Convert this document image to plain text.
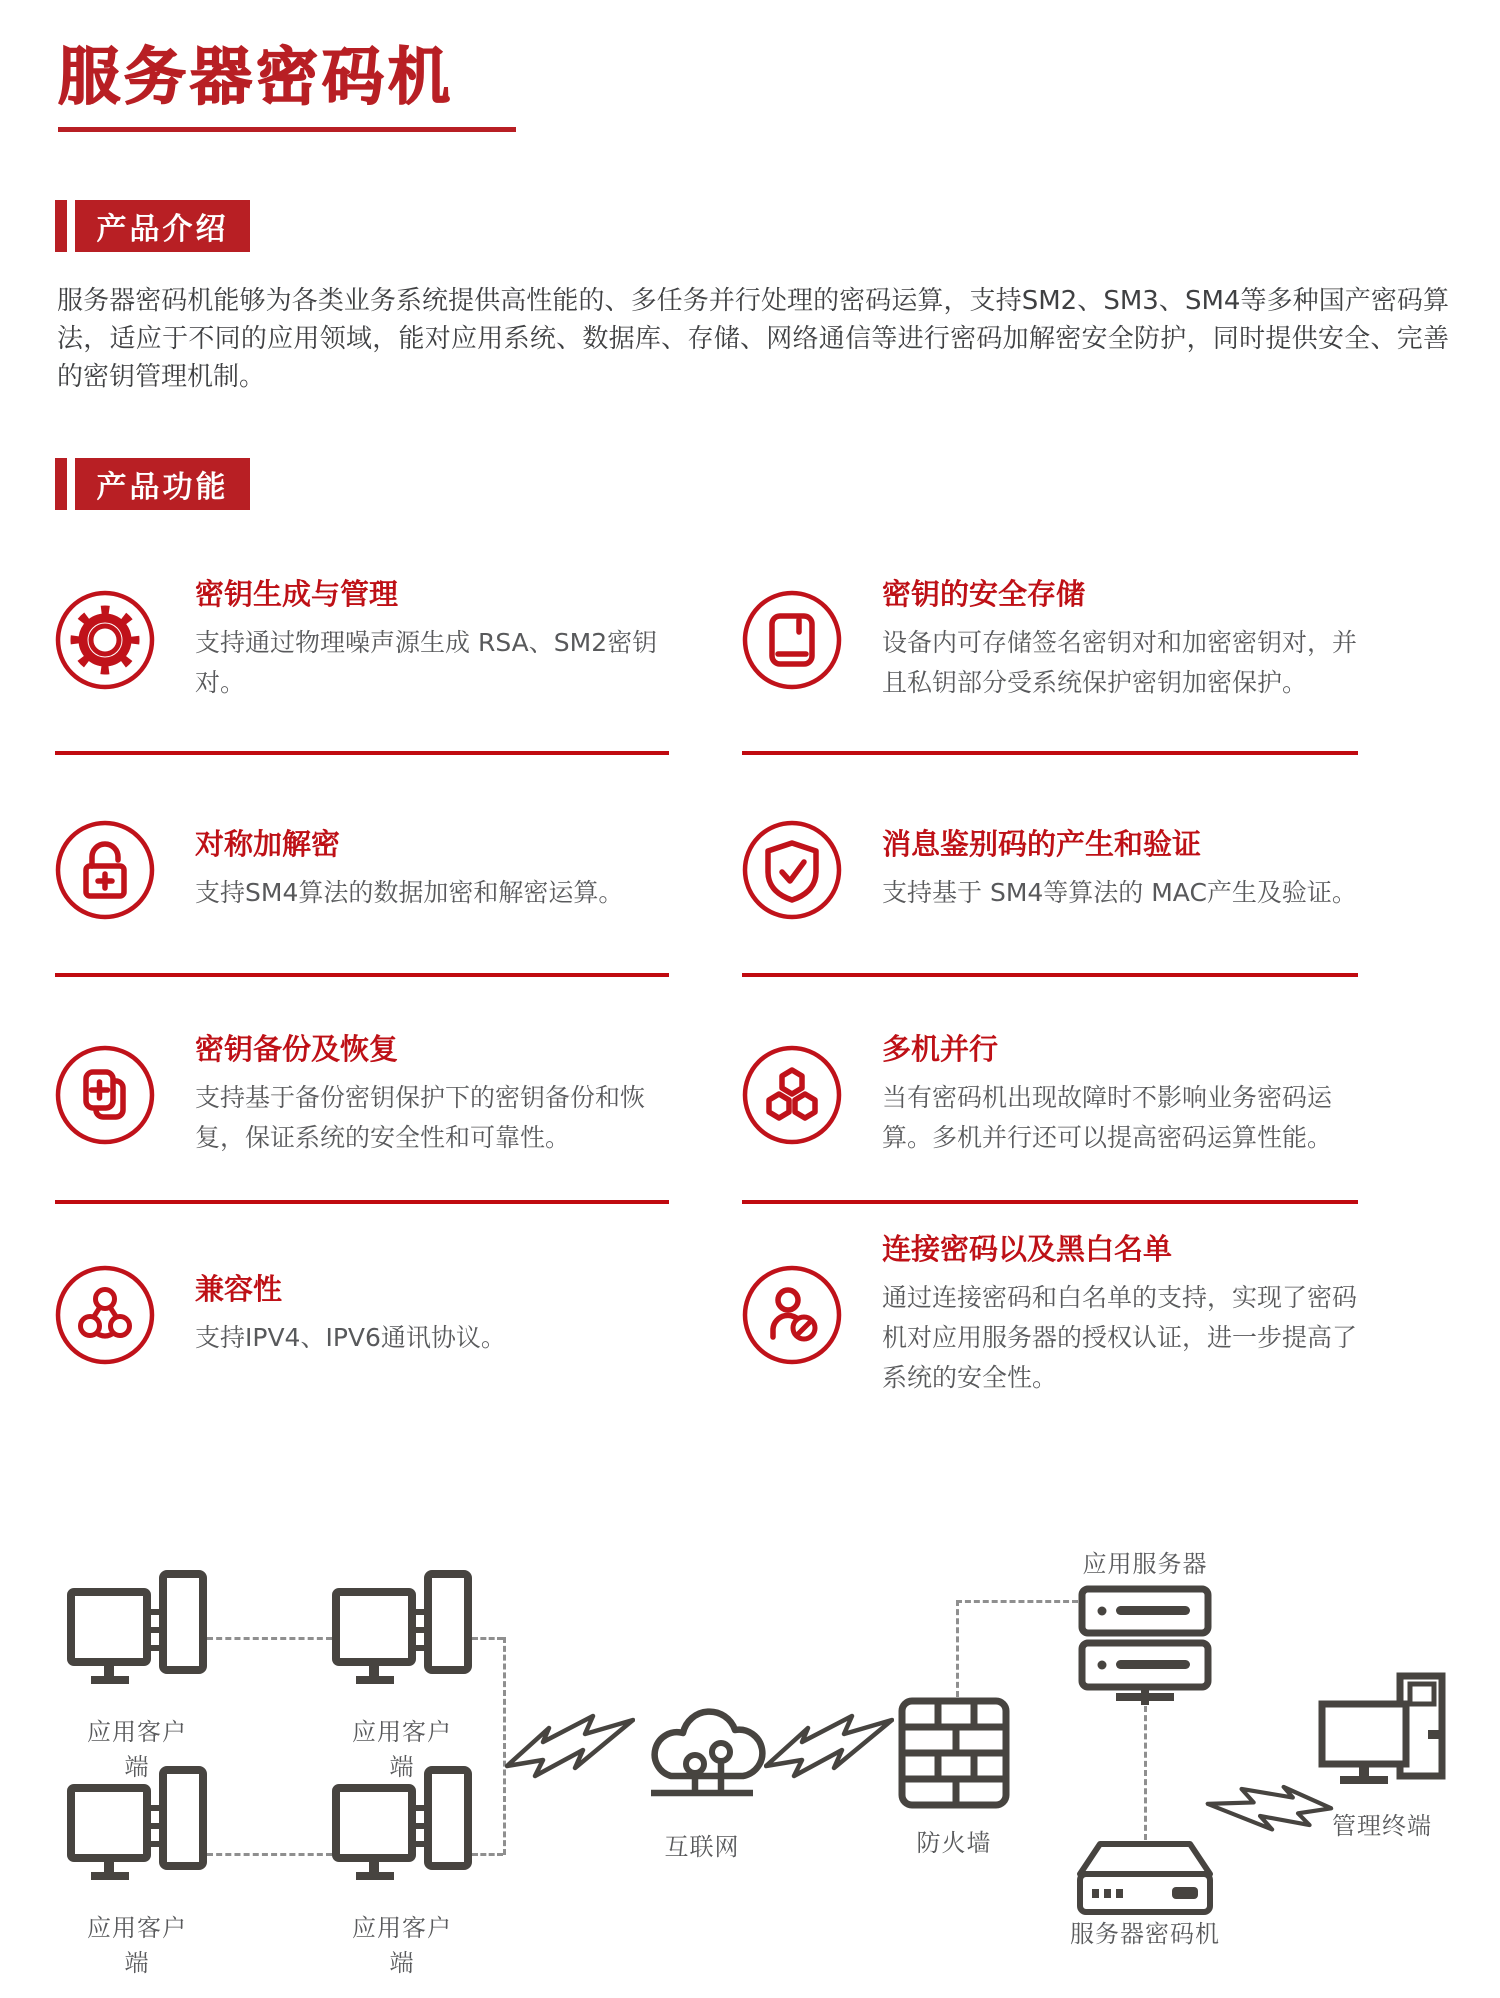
服务器密码机
产品介绍
服务器密码机能够为各类业务系统提供高性能的、多任务并行处理的密码运算，支持SM2、SM3、SM4等多种国产密码算法，适应于不同的应用领域，能对应用系统、数据库、存储、网络通信等进行密码加解密安全防护，同时提供安全、完善的密钥管理机制。
产品功能
密钥生成与管理
支持通过物理噪声源生成 RSA、SM2密钥对。
密钥的安全存储
设备内可存储签名密钥对和加密密钥对，并且私钥部分受系统保护密钥加密保护。
对称加解密
支持SM4算法的数据加密和解密运算。
消息鉴别码的产生和验证
支持基于 SM4等算法的 MAC产生及验证。
密钥备份及恢复
支持基于备份密钥保护下的密钥备份和恢复，保证系统的安全性和可靠性。
多机并行
当有密码机出现故障时不影响业务密码运算。多机并行还可以提高密码运算性能。
兼容性
支持IPV4、IPV6通讯协议。
连接密码以及黑白名单
通过连接密码和白名单的支持，实现了密码机对应用服务器的授权认证，进一步提高了系统的安全性。
应用客户端
应用客户端
应用客户端
应用客户端
互联网	防火墙
应用服务器
服务器密码机
管理终端
